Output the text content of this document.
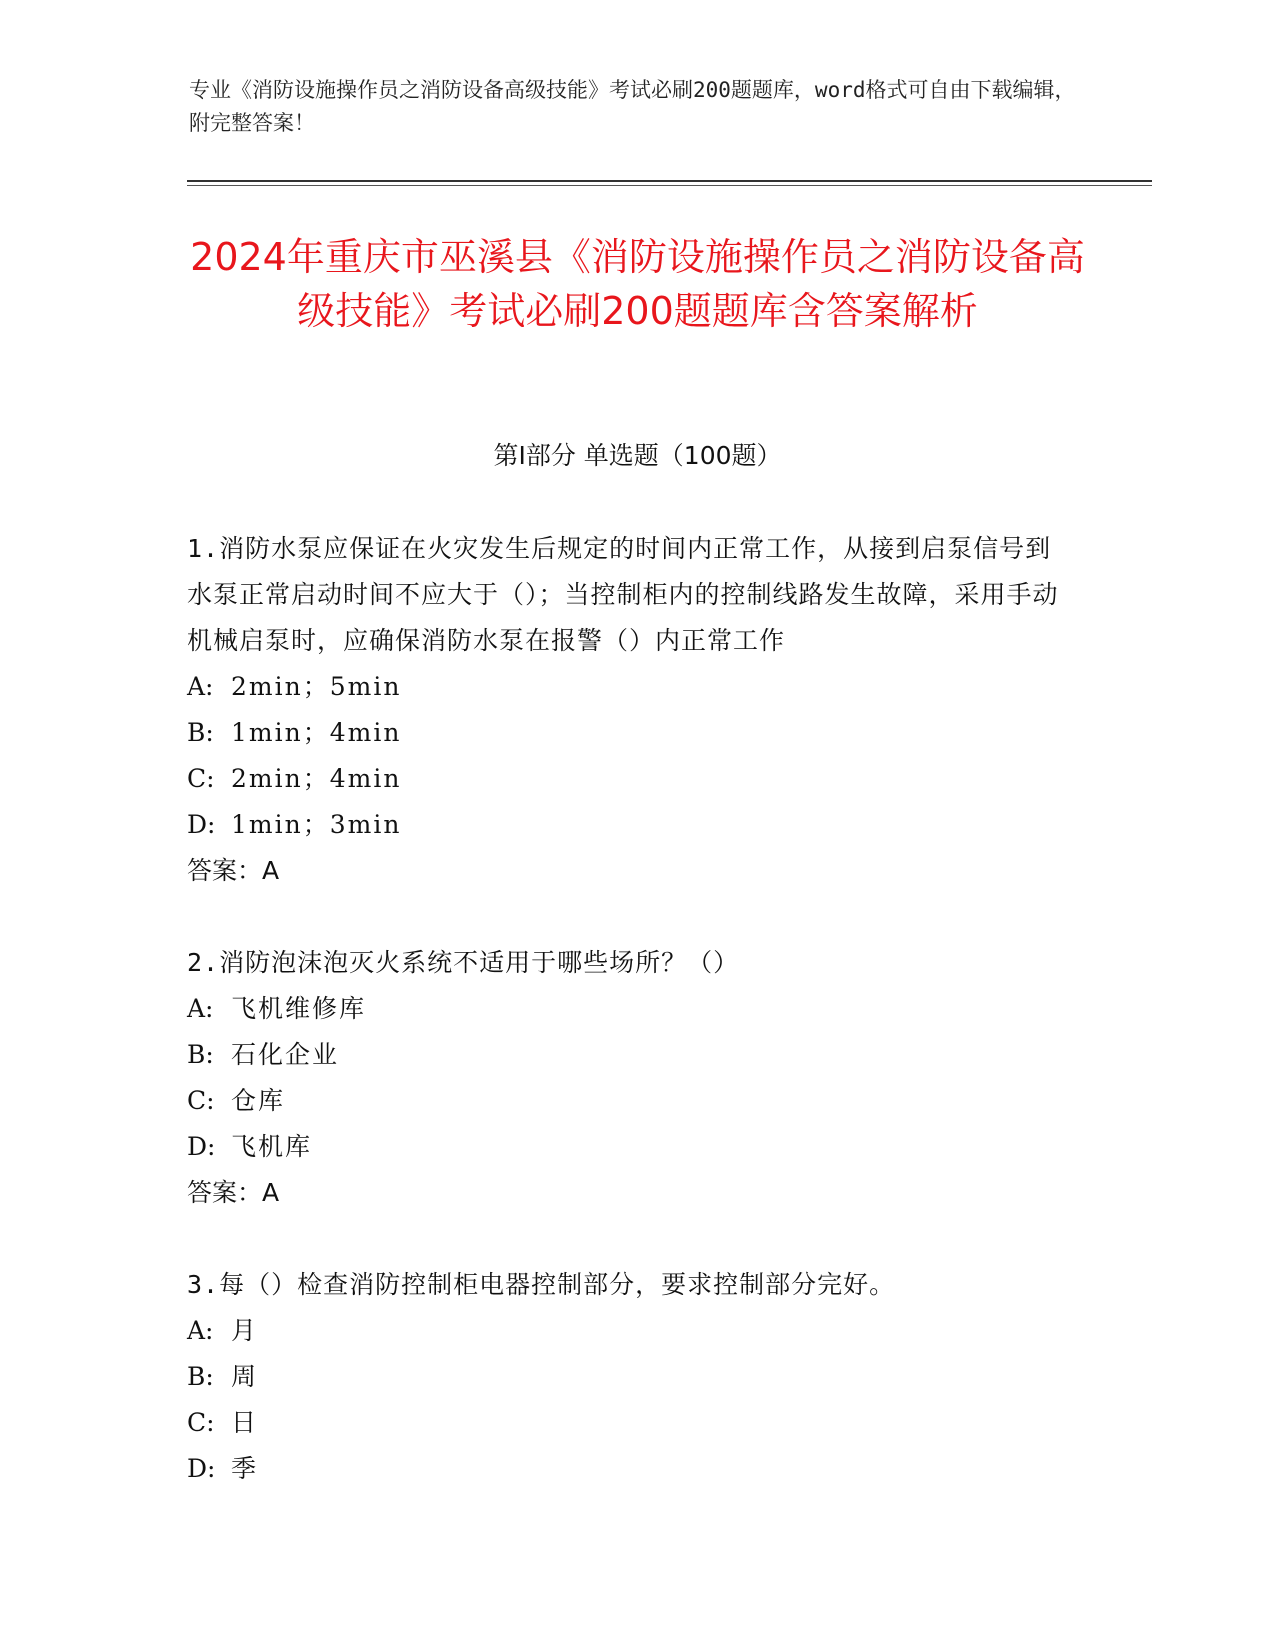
专业《消防设施操作员之消防设备高级技能》考试必刷200题题库，word格式可自由下载编辑，附完整答案！
2024年重庆市巫溪县《消防设施操作员之消防设备高级技能》考试必刷200题题库含答案解析
第Ⅰ部分 单选题（100题）
1.消防水泵应保证在火灾发生后规定的时间内正常工作，从接到启泵信号到水泵正常启动时间不应大于（）；当控制柜内的控制线路发生故障，采用手动机械启泵时，应确保消防水泵在报警（）内正常工作
A: 2min；5min
B: 1min；4min
C: 2min；4min
D: 1min；3min
答案：A
2.消防泡沫泡灭火系统不适用于哪些场所？（）
A: 飞机维修库
B: 石化企业
C: 仓库
D: 飞机库
答案：A
3.每（）检查消防控制柜电器控制部分，要求控制部分完好。
A: 月
B: 周
C: 日
D: 季
